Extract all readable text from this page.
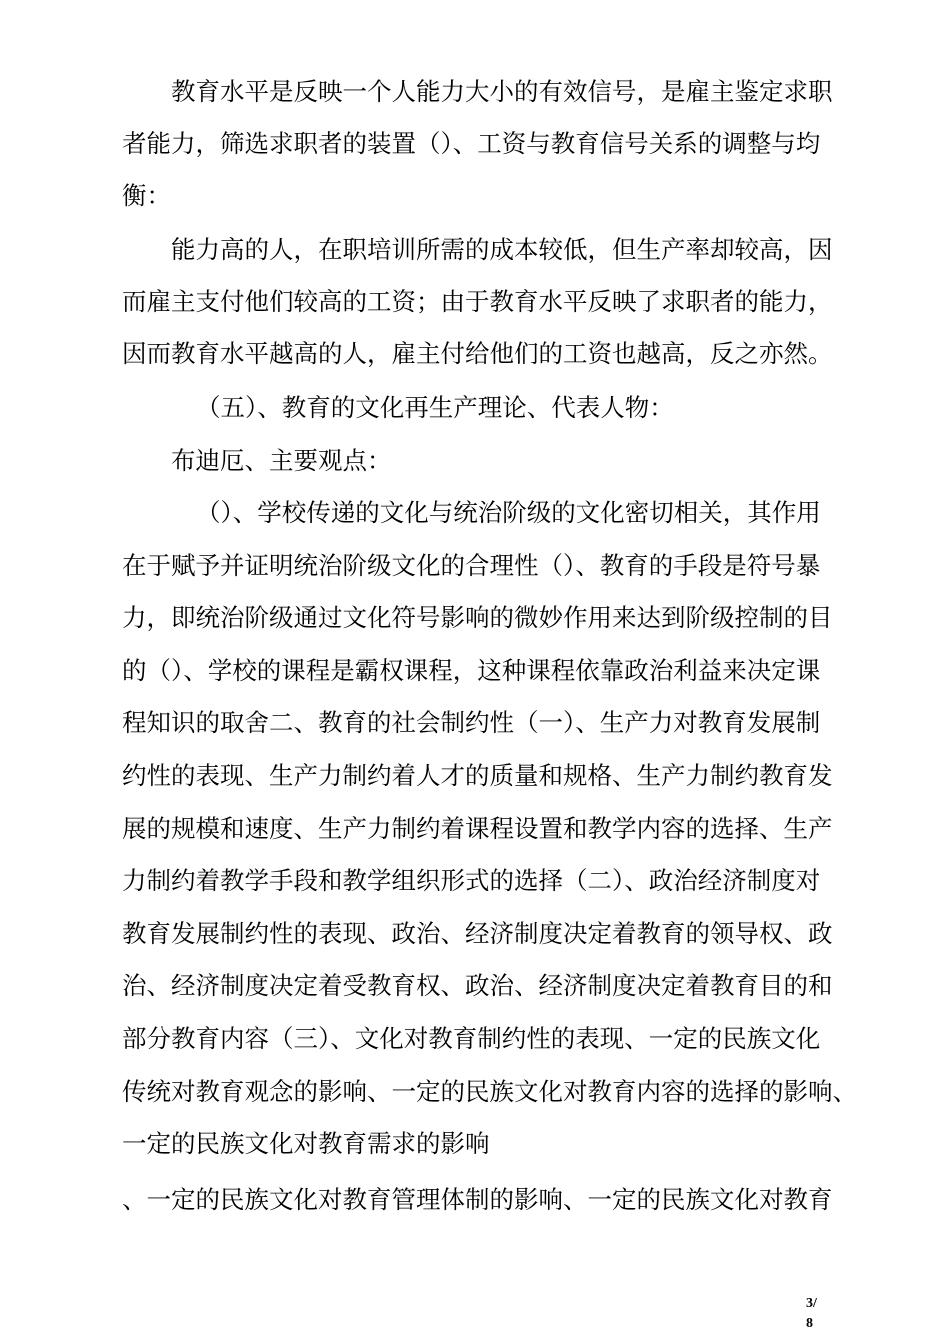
教育水平是反映一个人能力大小的有效信号，是雇主鉴定求职

者能力，筛选求职者的装置（）、工资与教育信号关系的调整与均

衡：

能力高的人，在职培训所需的成本较低，但生产率却较高，因

而雇主支付他们较高的工资；由于教育水平反映了求职者的能力，

因而教育水平越高的人，雇主付给他们的工资也越高，反之亦然。

（五）、教育的文化再生产理论、代表人物：

布迪厄、主要观点：

（）、学校传递的文化与统治阶级的文化密切相关，其作用

在于赋予并证明统治阶级文化的合理性（）、教育的手段是符号暴

力，即统治阶级通过文化符号影响的微妙作用来达到阶级控制的目

的（）、学校的课程是霸权课程，这种课程依靠政治利益来决定课

程知识的取舍二、教育的社会制约性（一）、生产力对教育发展制

约性的表现、生产力制约着人才的质量和规格、生产力制约教育发

展的规模和速度、生产力制约着课程设置和教学内容的选择、生产

力制约着教学手段和教学组织形式的选择（二）、政治经济制度对

教育发展制约性的表现、政治、经济制度决定着教育的领导权、政

治、经济制度决定着受教育权、政治、经济制度决定着教育目的和

部分教育内容（三）、文化对教育制约性的表现、一定的民族文化

传统对教育观念的影响、一定的民族文化对教育内容的选择的影响、

一定的民族文化对教育需求的影响

、一定的民族文化对教育管理体制的影响、一定的民族文化对教育

3/
8
